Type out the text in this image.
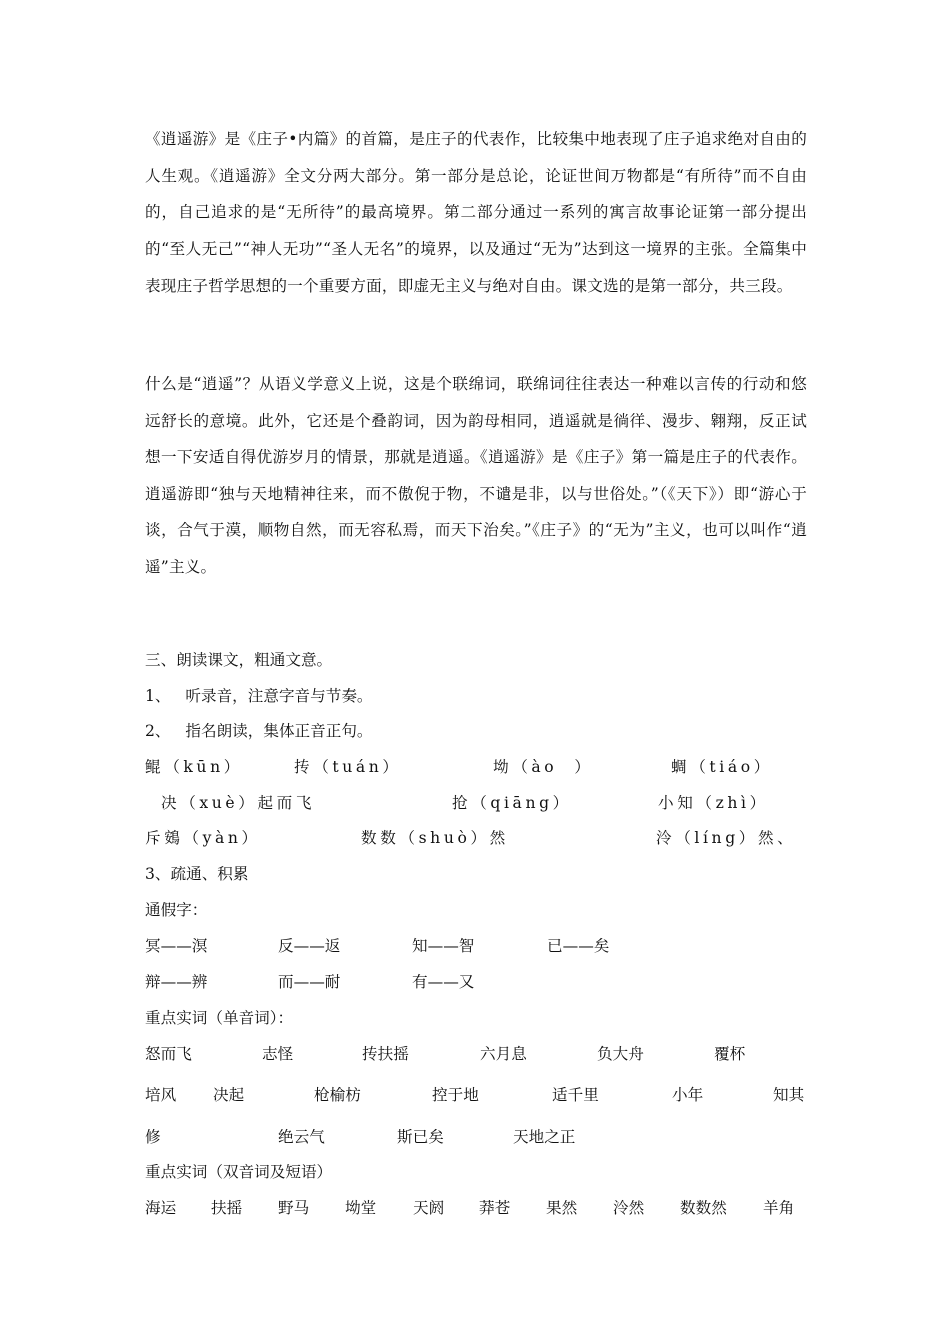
《逍遥游》是《庄子•内篇》的首篇，是庄子的代表作，比较集中地表现了庄子追求绝对自由的人生观。《逍遥游》全文分两大部分。第一部分是总论，论证世间万物都是“有所待”而不自由的，自己追求的是“无所待”的最高境界。第二部分通过一系列的寓言故事论证第一部分提出的“至人无己”“神人无功”“圣人无名”的境界，以及通过“无为”达到这一境界的主张。全篇集中表现庄子哲学思想的一个重要方面，即虚无主义与绝对自由。课文选的是第一部分，共三段。

什么是“逍遥”？从语义学意义上说，这是个联绵词，联绵词往往表达一种难以言传的行动和悠远舒长的意境。此外，它还是个叠韵词，因为韵母相同，逍遥就是徜徉、漫步、翱翔，反正试想一下安适自得优游岁月的情景，那就是逍遥。《逍遥游》是《庄子》第一篇是庄子的代表作。逍遥游即“独与天地精神往来，而不傲倪于物，不谴是非，以与世俗处。”（《天下》）即“游心于谈，合气于漠，顺物自然，而无容私焉，而天下治矣。”《庄子》的“无为”主义，也可以叫作“逍遥”主义。

三、朗读课文，粗通文意。

1、   听录音，注意字音与节奏。

2、   指名朗读，集体正音正句。

鲲（kūn）	抟（tuán）	坳（ào  ）	蜩（tiáo）
决（xuè）起而飞	抢（qiāng）	小知（zhì）
斥鴳（yàn）	数数（shuò）然	泠（líng）然、

3、疏通、积累

通假字：

冥——溟	反——返	知——智	已——矣
辩——辨	而——耐	有——又

重点实词（单音词）：

怒而飞	志怪	抟扶摇	六月息	负大舟	覆杯
培风 决起	枪榆枋	控于地	适千里	小年	知其
修	绝云气	斯已矣	天地之正

重点实词（双音词及短语）

海运 扶摇 野马 坳堂 天阏 莽苍 果然 泠然 数数然 羊角
